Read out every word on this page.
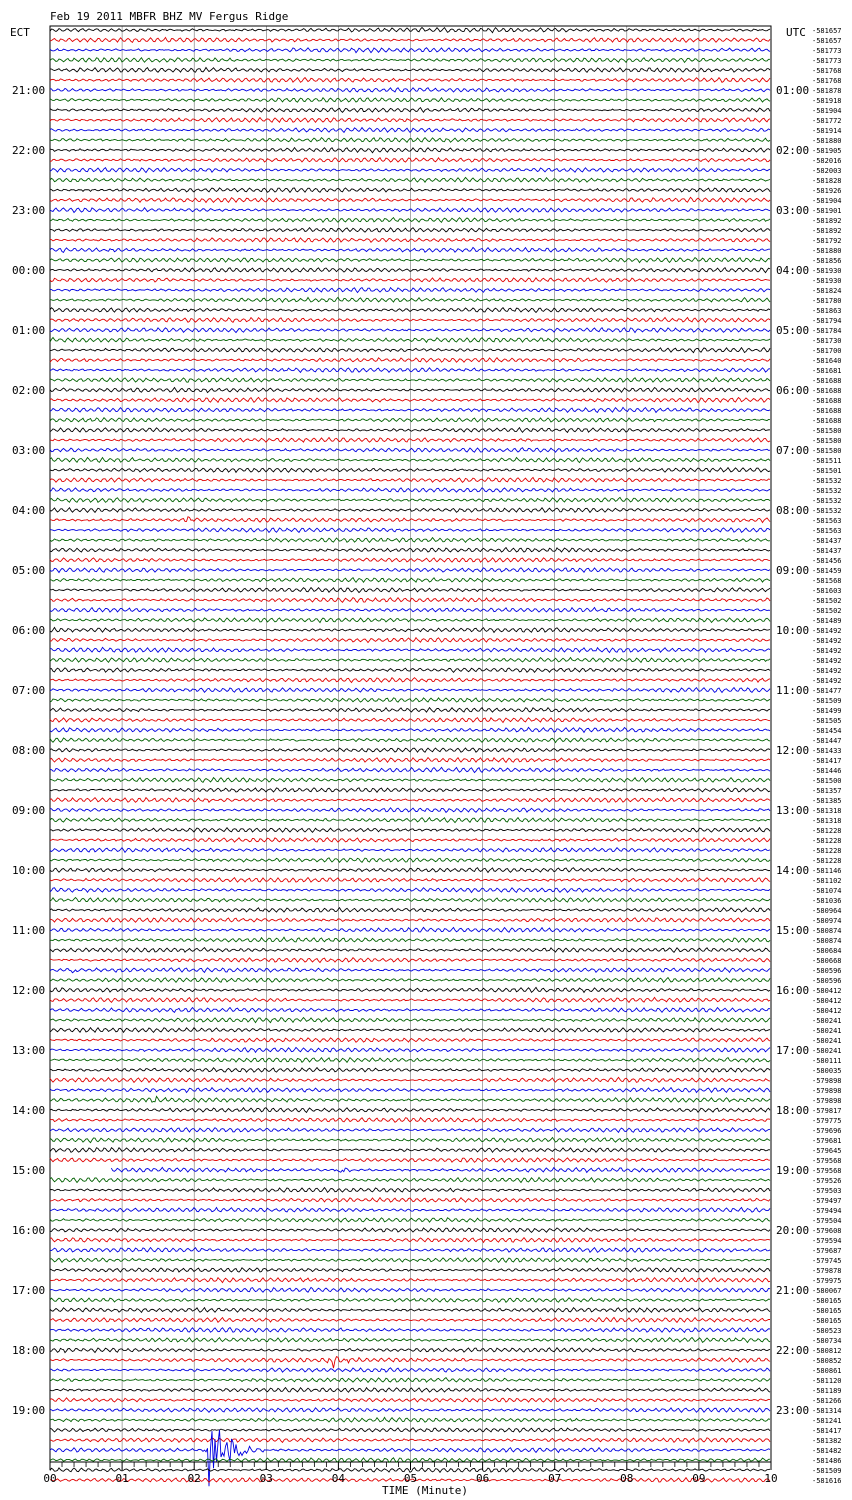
Feb 19 2011 MBFR BHZ MV Fergus Ridge
ECT	UTC
21:00
22:00
23:00
00:00
01:00
02:00
03:00
04:00
05:00
06:00
07:00
08:00
09:00
10:00
11:00
12:00
13:00
14:00
15:00
16:00
17:00
18:00
19:00
01:00
02:00
03:00
04:00
05:00
06:00
07:00
08:00
09:00
10:00
11:00
12:00
13:00
14:00
15:00
16:00
17:00
18:00
19:00
20:00
21:00
22:00
23:00
-581657
-581657
-581773
-581773
-581768
-581768
-581878
-581918
-581904
-581772
-581914
-581880
-581905
-582016
-582003
-581828
-581926
-581904
-581901
-581892
-581892
-581792
-581880
-581856
-581930
-581930
-581824
-581780
-581863
-581794
-581784
-581730
-581700
-581640
-581681
-581688
-581688
-581688
-581688
-581688
-581580
-581580
-581580
-581511
-581501
-581532
-581532
-581532
-581532
-581563
-581563
-581437
-581437
-581456
-581459
-581568
-581603
-581502
-581502
-581489
-581492
-581492
-581492
-581492
-581492
-581492
-581477
-581509
-581499
-581505
-581454
-581447
-581433
-581417
-581446
-581500
-581357
-581385
-581318
-581318
-581228
-581228
-581228
-581228
-581146
-581102
-581074
-581036
-580964
-580974
-580874
-580874
-580684
-580668
-580596
-580596
-580412
-580412
-580412
-580241
-580241
-580241
-580241
-580111
-580035
-579898
-579898
-579898
-579817
-579775
-579696
-579681
-579645
-579568
-579568
-579526
-579503
-579497
-579494
-579504
-579608
-579594
-579687
-579745
-579878
-579975
-580067
-580165
-580165
-580165
-580523
-580734
-580812
-580852
-580861
-581120
-581189
-581266
-581314
-581241
-581417
-581382
-581482
-581486
-581509
-581616
00	01	02	03	04	05	06	07	08	09	10
TIME (Minute)
